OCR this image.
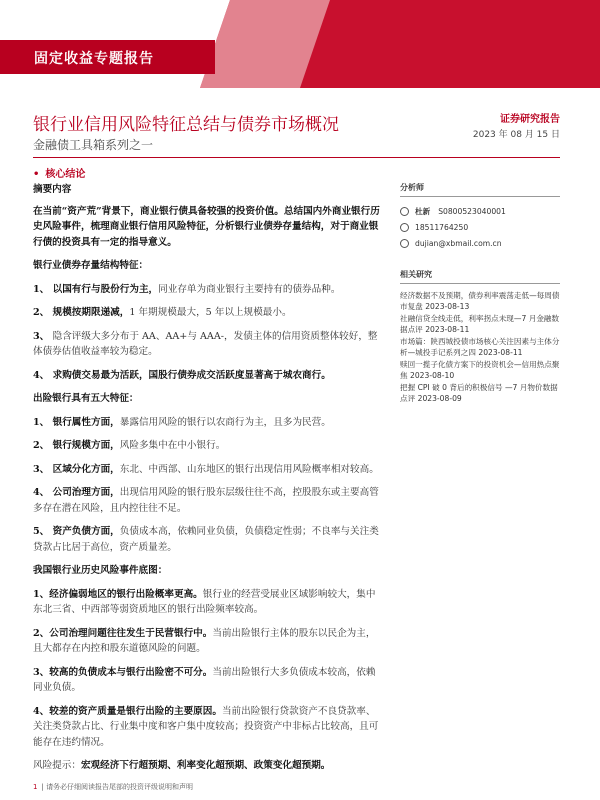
固定收益专题报告
银行业信用风险特征总结与债券市场概况
金融债工具箱系列之一
证券研究报告
2023 年 08 月 15 日
• 核心结论
摘要内容

在当前“资产荒”背景下，商业银行债具备较强的投资价值。总结国内外商业银行历史风险事件，梳理商业银行信用风险特征，分析银行业债券存量结构，对于商业银行债的投资具有一定的指导意义。

银行业债券存量结构特征：

1、 以国有行与股份行为主，同业存单为商业银行主要持有的债券品种。

2、 规模按期限递减，1 年期规模最大，5 年以上规模最小。

3、 隐含评级大多分布于 AA、AA+与 AAA-，发债主体的信用资质整体较好，整体债券估值收益率较为稳定。

4、 求购债交易最为活跃，国股行债券成交活跃度显著高于城农商行。

出险银行具有五大特征：

1、 银行属性方面，暴露信用风险的银行以农商行为主，且多为民营。

2、 银行规模方面，风险多集中在中小银行。

3、 区域分化方面，东北、中西部、山东地区的银行出现信用风险概率相对较高。

4、 公司治理方面，出现信用风险的银行股东层级往往不高，控股股东或主要高管多存在潜在风险，且内控往往不足。

5、 资产负债方面，负债成本高，依赖同业负债，负债稳定性弱；不良率与关注类贷款占比居于高位，资产质量差。

我国银行业历史风险事件底图：

1、经济偏弱地区的银行出险概率更高。银行业的经营受展业区域影响较大，集中东北三省、中西部等弱资质地区的银行出险频率较高。

2、公司治理问题往往发生于民营银行中。当前出险银行主体的股东以民企为主，且大都存在内控和股东道德风险的问题。

3、较高的负债成本与银行出险密不可分。当前出险银行大多负债成本较高，依赖同业负债。

4、较差的资产质量是银行出险的主要原因。当前出险银行贷款资产不良贷款率、关注类贷款占比、行业集中度和客户集中度较高；投资资产中非标占比较高，且可能存在违约情况。

风险提示：宏观经济下行超预期、利率变化超预期、政策变化超预期。

分析师
杜新 S0800523040001
18511764250
dujian@xbmail.com.cn
相关研究
经济数据不及预期，债券利率震荡走低—每周债市复盘 2023-08-13
社融信贷全线走低，利率拐点未现—7 月金融数据点评 2023-08-11
市场篇：陕西城投债市场核心关注因素与主体分析—城投手记系列之四 2023-08-11
赎回一揽子化债方案下的投资机会—信用热点聚焦 2023-08-10
把握 CPI 破 0 背后的积极信号 —7 月物价数据点评 2023-08-09
1 | 请务必仔细阅读报告尾部的投资评级说明和声明
